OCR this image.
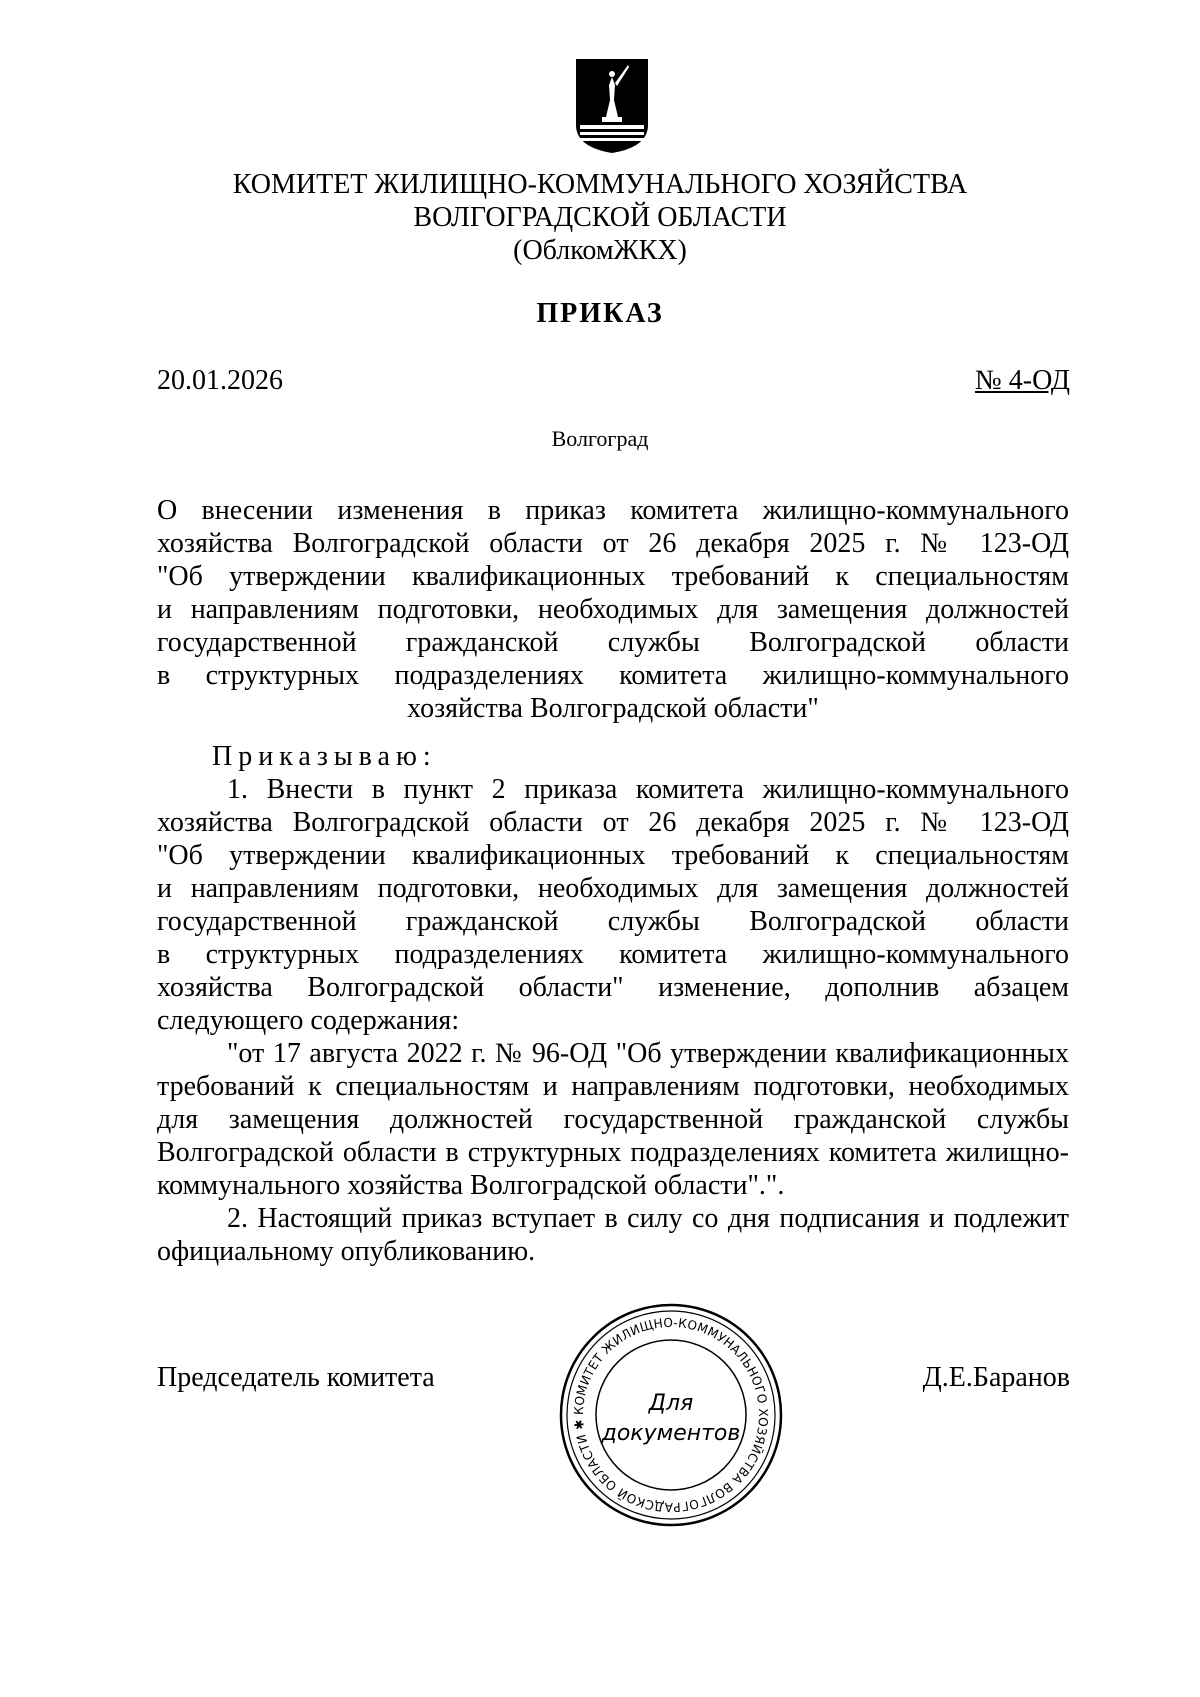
КОМИТЕТ ЖИЛИЩНО-КОММУНАЛЬНОГО ХОЗЯЙСТВА
ВОЛГОГРАДСКОЙ ОБЛАСТИ
(ОблкомЖКХ)
ПРИКАЗ
20.01.2026	№ 4-ОД
Волгоград
О внесении изменения в приказ комитета жилищно-коммунального
хозяйства Волгоградской области от 26 декабря 2025 г. № 123-ОД
"Об утверждении квалификационных требований к специальностям
и направлениям подготовки, необходимых для замещения должностей
государственной гражданской службы Волгоградской области
в структурных подразделениях комитета жилищно-коммунального
хозяйства Волгоградской области"
Приказываю:
1. Внести в пункт 2 приказа комитета жилищно-коммунального
хозяйства Волгоградской области от 26 декабря 2025 г. № 123-ОД
"Об утверждении квалификационных требований к специальностям
и направлениям подготовки, необходимых для замещения должностей
государственной гражданской службы Волгоградской области
в структурных подразделениях комитета жилищно-коммунального
хозяйства Волгоградской области" изменение, дополнив абзацем
следующего содержания:
"от 17 августа 2022 г. № 96-ОД "Об утверждении квалификационных
требований к специальностям и направлениям подготовки, необходимых
для замещения должностей государственной гражданской службы
Волгоградской области в структурных подразделениях комитета жилищно-
коммунального хозяйства Волгоградской области".".
2. Настоящий приказ вступает в силу со дня подписания и подлежит
официальному опубликованию.
Председатель комитета	Д.Е.Баранов
КОМИТЕТ ЖИЛИЩНО-КОММУНАЛЬНОГО ХОЗЯЙСТВА ВОЛГОГРАДСКОЙ ОБЛАСТИ ✱
Для
документов
